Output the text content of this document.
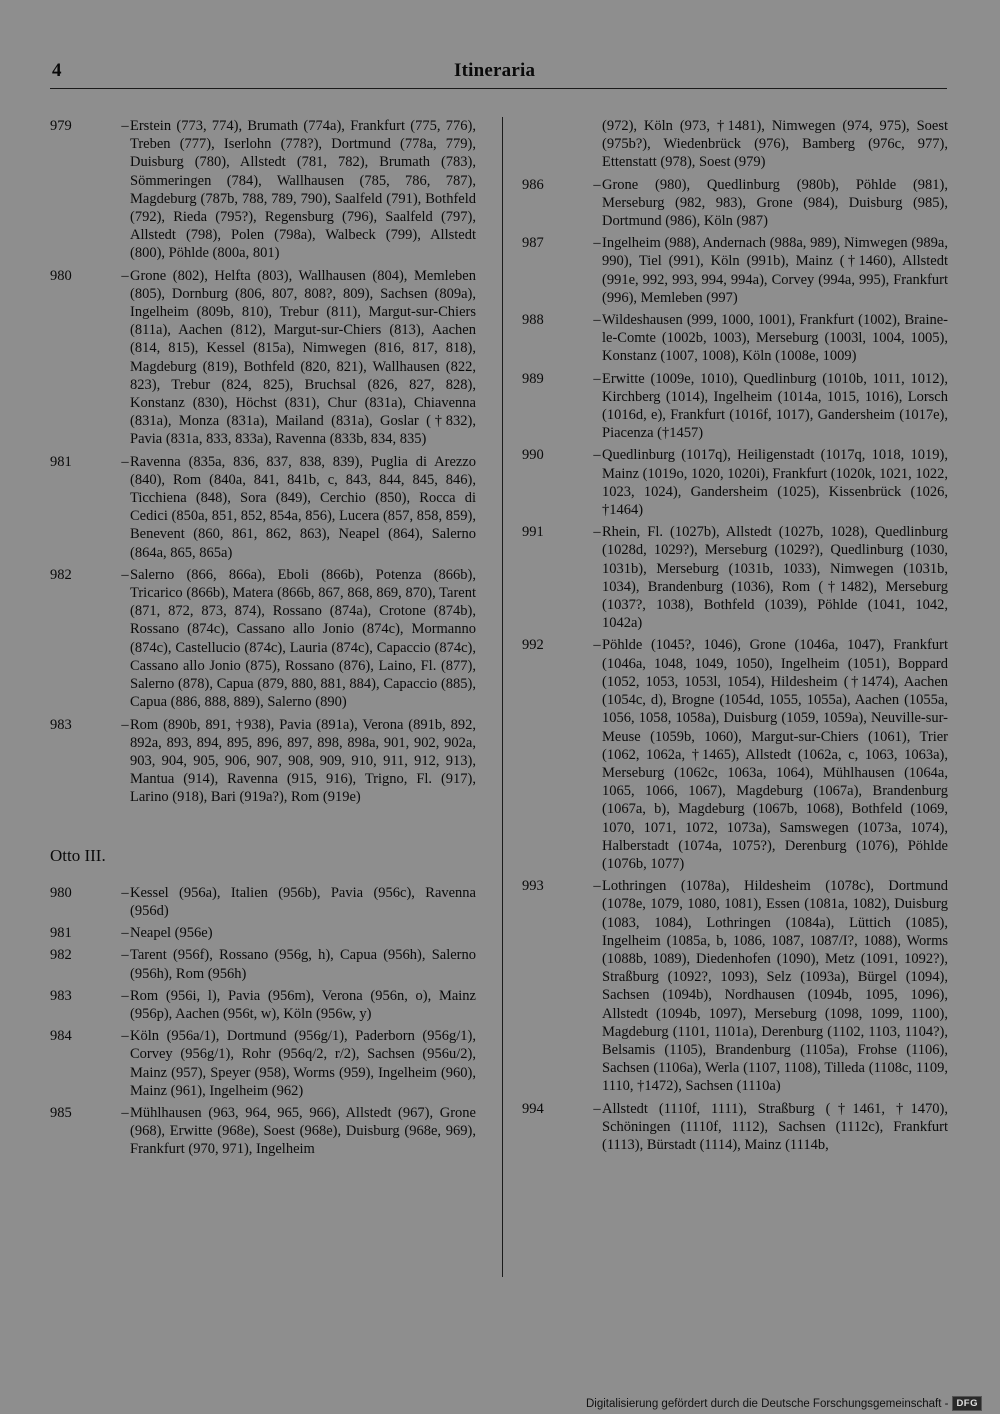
4	Itineraria
979	– Erstein (773, 774), Brumath (774a), Frankfurt (775, 776), Treben (777), Iserlohn (778?), Dortmund (778a, 779), Duisburg (780), Allstedt (781, 782), Brumath (783), Sömmeringen (784), Wallhausen (785, 786, 787), Magdeburg (787b, 788, 789, 790), Saalfeld (791), Bothfeld (792), Rieda (795?), Regensburg (796), Saalfeld (797), Allstedt (798), Polen (798a), Walbeck (799), Allstedt (800), Pöhlde (800a, 801)
980	– Grone (802), Helfta (803), Wallhausen (804), Memleben (805), Dornburg (806, 807, 808?, 809), Sachsen (809a), Ingelheim (809b, 810), Trebur (811), Margut-sur-Chiers (811a), Aachen (812), Margut-sur-Chiers (813), Aachen (814, 815), Kessel (815a), Nimwegen (816, 817, 818), Magdeburg (819), Bothfeld (820, 821), Wallhausen (822, 823), Trebur (824, 825), Bruchsal (826, 827, 828), Konstanz (830), Höchst (831), Chur (831a), Chiavenna (831a), Monza (831a), Mailand (831a), Goslar (†832), Pavia (831a, 833, 833a), Ravenna (833b, 834, 835)
981	– Ravenna (835a, 836, 837, 838, 839), Puglia di Arezzo (840), Rom (840a, 841, 841b, c, 843, 844, 845, 846), Ticchiena (848), Sora (849), Cerchio (850), Rocca di Cedici (850a, 851, 852, 854a, 856), Lucera (857, 858, 859), Benevent (860, 861, 862, 863), Neapel (864), Salerno (864a, 865, 865a)
982	– Salerno (866, 866a), Eboli (866b), Potenza (866b), Tricarico (866b), Matera (866b, 867, 868, 869, 870), Tarent (871, 872, 873, 874), Rossano (874a), Crotone (874b), Rossano (874c), Cassano allo Jonio (874c), Mormanno (874c), Castellucio (874c), Lauria (874c), Capaccio (874c), Cassano allo Jonio (875), Rossano (876), Laino, Fl. (877), Salerno (878), Capua (879, 880, 881, 884), Capaccio (885), Capua (886, 888, 889), Salerno (890)
983	– Rom (890b, 891, †938), Pavia (891a), Verona (891b, 892, 892a, 893, 894, 895, 896, 897, 898, 898a, 901, 902, 902a, 903, 904, 905, 906, 907, 908, 909, 910, 911, 912, 913), Mantua (914), Ravenna (915, 916), Trigno, Fl. (917), Larino (918), Bari (919a?), Rom (919e)
Otto III.
980	– Kessel (956a), Italien (956b), Pavia (956c), Ravenna (956d)
981	– Neapel (956e)
982	– Tarent (956f), Rossano (956g, h), Capua (956h), Salerno (956h), Rom (956h)
983	– Rom (956i, l), Pavia (956m), Verona (956n, o), Mainz (956p), Aachen (956t, w), Köln (956w, y)
984	– Köln (956a/1), Dortmund (956g/1), Paderborn (956g/1), Corvey (956g/1), Rohr (956q/2, r/2), Sachsen (956u/2), Mainz (957), Speyer (958), Worms (959), Ingelheim (960), Mainz (961), Ingelheim (962)
985	– Mühlhausen (963, 964, 965, 966), Allstedt (967), Grone (968), Erwitte (968e), Soest (968e), Duisburg (968e, 969), Frankfurt (970, 971), Ingelheim
(972), Köln (973, †1481), Nimwegen (974, 975), Soest (975b?), Wiedenbrück (976), Bamberg (976c, 977), Ettenstatt (978), Soest (979)
986	– Grone (980), Quedlinburg (980b), Pöhlde (981), Merseburg (982, 983), Grone (984), Duisburg (985), Dortmund (986), Köln (987)
987	– Ingelheim (988), Andernach (988a, 989), Nimwegen (989a, 990), Tiel (991), Köln (991b), Mainz (†1460), Allstedt (991e, 992, 993, 994, 994a), Corvey (994a, 995), Frankfurt (996), Memleben (997)
988	– Wildeshausen (999, 1000, 1001), Frankfurt (1002), Braine-le-Comte (1002b, 1003), Merseburg (1003l, 1004, 1005), Konstanz (1007, 1008), Köln (1008e, 1009)
989	– Erwitte (1009e, 1010), Quedlinburg (1010b, 1011, 1012), Kirchberg (1014), Ingelheim (1014a, 1015, 1016), Lorsch (1016d, e), Frankfurt (1016f, 1017), Gandersheim (1017e), Piacenza (†1457)
990	– Quedlinburg (1017q), Heiligenstadt (1017q, 1018, 1019), Mainz (1019o, 1020, 1020i), Frankfurt (1020k, 1021, 1022, 1023, 1024), Gandersheim (1025), Kissenbrück (1026, †1464)
991	– Rhein, Fl. (1027b), Allstedt (1027b, 1028), Quedlinburg (1028d, 1029?), Merseburg (1029?), Quedlinburg (1030, 1031b), Merseburg (1031b, 1033), Nimwegen (1031b, 1034), Brandenburg (1036), Rom (†1482), Merseburg (1037?, 1038), Bothfeld (1039), Pöhlde (1041, 1042, 1042a)
992	– Pöhlde (1045?, 1046), Grone (1046a, 1047), Frankfurt (1046a, 1048, 1049, 1050), Ingelheim (1051), Boppard (1052, 1053, 1053l, 1054), Hildesheim (†1474), Aachen (1054c, d), Brogne (1054d, 1055, 1055a), Aachen (1055a, 1056, 1058, 1058a), Duisburg (1059, 1059a), Neuville-sur-Meuse (1059b, 1060), Margut-sur-Chiers (1061), Trier (1062, 1062a, †1465), Allstedt (1062a, c, 1063, 1063a), Merseburg (1062c, 1063a, 1064), Mühlhausen (1064a, 1065, 1066, 1067), Magdeburg (1067a), Brandenburg (1067a, b), Magdeburg (1067b, 1068), Bothfeld (1069, 1070, 1071, 1072, 1073a), Samswegen (1073a, 1074), Halberstadt (1074a, 1075?), Derenburg (1076), Pöhlde (1076b, 1077)
993	– Lothringen (1078a), Hildesheim (1078c), Dortmund (1078e, 1079, 1080, 1081), Essen (1081a, 1082), Duisburg (1083, 1084), Lothringen (1084a), Lüttich (1085), Ingelheim (1085a, b, 1086, 1087, 1087/I?, 1088), Worms (1088b, 1089), Diedenhofen (1090), Metz (1091, 1092?), Straßburg (1092?, 1093), Selz (1093a), Bürgel (1094), Sachsen (1094b), Nordhausen (1094b, 1095, 1096), Allstedt (1094b, 1097), Merseburg (1098, 1099, 1100), Magdeburg (1101, 1101a), Derenburg (1102, 1103, 1104?), Belsamis (1105), Brandenburg (1105a), Frohse (1106), Sachsen (1106a), Werla (1107, 1108), Tilleda (1108c, 1109, 1110, †1472), Sachsen (1110a)
994	– Allstedt (1110f, 1111), Straßburg (†1461, †1470), Schöningen (1110f, 1112), Sachsen (1112c), Frankfurt (1113), Bürstadt (1114), Mainz (1114b,
Digitalisierung gefördert durch die Deutsche Forschungsgemeinschaft - DFG
